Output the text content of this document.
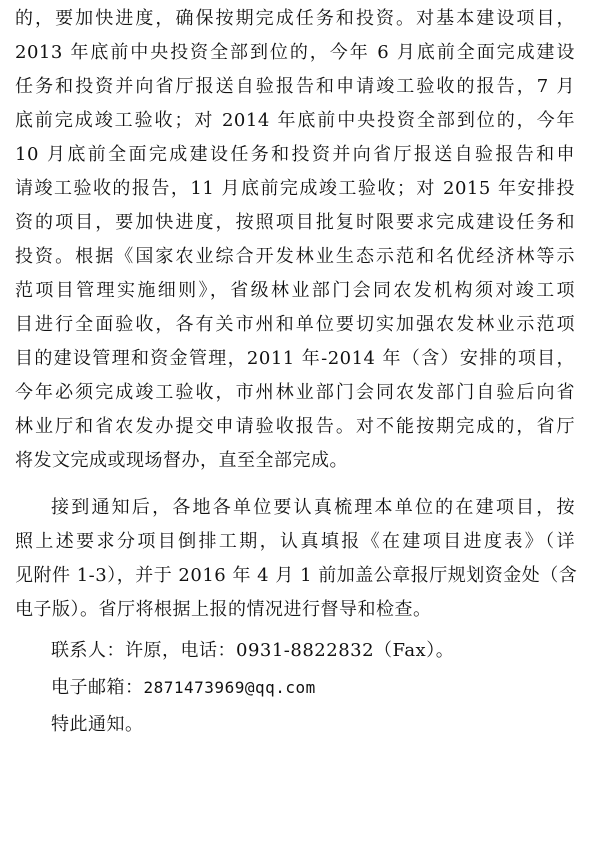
的，要加快进度，确保按期完成任务和投资。对基本建设项目，
2013 年底前中央投资全部到位的，今年 6 月底前全面完成建设
任务和投资并向省厅报送自验报告和申请竣工验收的报告，7 月
底前完成竣工验收；对 2014 年底前中央投资全部到位的，今年
10 月底前全面完成建设任务和投资并向省厅报送自验报告和申
请竣工验收的报告，11 月底前完成竣工验收；对 2015 年安排投
资的项目，要加快进度，按照项目批复时限要求完成建设任务和
投资。根据《国家农业综合开发林业生态示范和名优经济林等示
范项目管理实施细则》，省级林业部门会同农发机构须对竣工项
目进行全面验收，各有关市州和单位要切实加强农发林业示范项
目的建设管理和资金管理，2011 年-2014 年（含）安排的项目，
今年必须完成竣工验收，市州林业部门会同农发部门自验后向省
林业厅和省农发办提交申请验收报告。对不能按期完成的，省厅
将发文完成或现场督办，直至全部完成。
接到通知后，各地各单位要认真梳理本单位的在建项目，按
照上述要求分项目倒排工期，认真填报《在建项目进度表》（详
见附件 1-3），并于 2016 年 4 月 1 前加盖公章报厅规划资金处（含
电子版）。省厅将根据上报的情况进行督导和检查。
联系人：许原，电话：0931-8822832（Fax）。
电子邮箱：2871473969@qq.com
特此通知。
